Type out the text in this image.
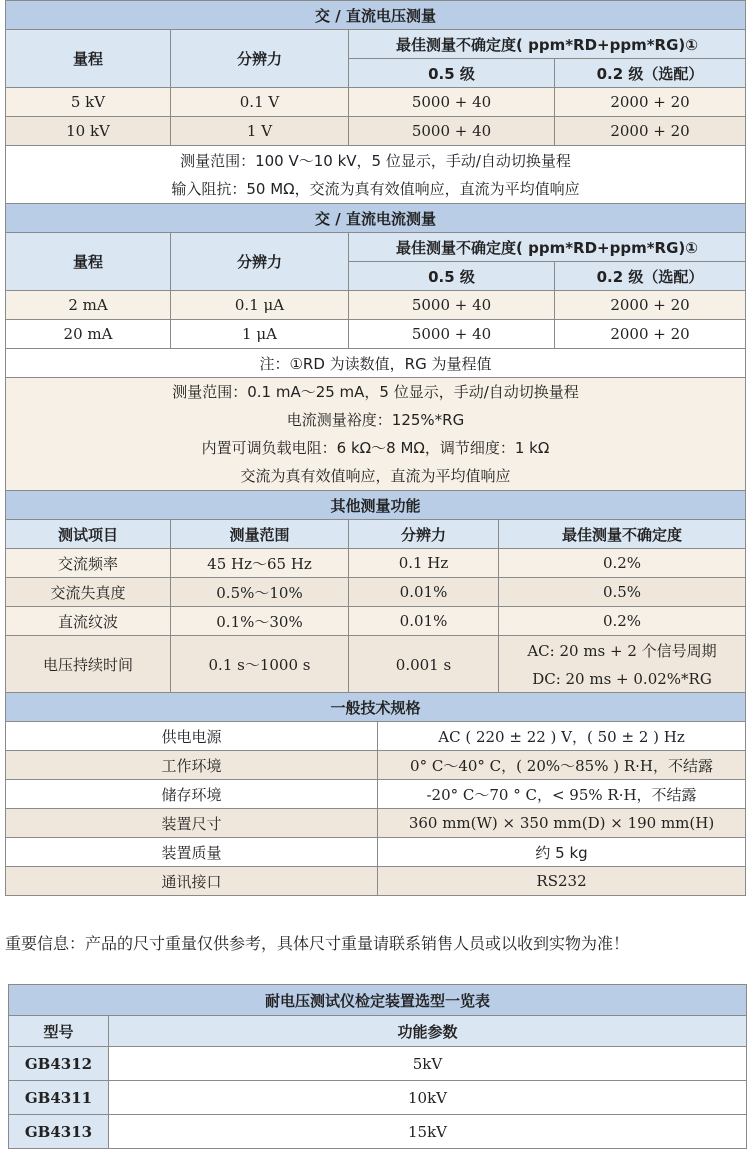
交 / 直流电压测量			
量程	分辨力	最佳测量不确定度( ppm*RD+ppm*RG)①	
		0.5 级	0.2 级（选配）
5 kV	0.1 V	5000 + 40	2000 + 20
10 kV	1 V	5000 + 40	2000 + 20

测量范围：100 V～10 kV，5 位显示，手动/自动切换量程
输入阻抗：50 MΩ，交流为真有效值响应，直流为平均值响应			
交 / 直流电流测量			
量程	分辨力	最佳测量不确定度( ppm*RD+ppm*RG)①	
		0.5 级	0.2 级（选配）
2 mA	0.1 μA	5000 + 40	2000 + 20
20 mA	1 μA	5000 + 40	2000 + 20
注：①RD 为读数值，RG 为量程值			

测量范围：0.1 mA～25 mA，5 位显示，手动/自动切换量程
电流测量裕度：125%*RG
内置可调负载电阻：6 kΩ～8 MΩ，调节细度：1 kΩ
交流为真有效值响应，直流为平均值响应			
其他测量功能			
测试项目	测量范围	分辨力	最佳测量不确定度
交流频率	45 Hz～65 Hz	0.1 Hz	0.2%
交流失真度	0.5%～10%	0.01%	0.5%
直流纹波	0.1%～30%	0.01%	0.2%
电压持续时间	0.1 s～1000 s	0.001 s	AC: 20 ms + 2 个信号周期
DC: 20 ms + 0.02%*RG
一般技术规格	
供电电源	AC ( 220 ± 22 ) V，( 50 ± 2 ) Hz
工作环境	0° C～40° C，( 20%～85% ) R·H，不结露
储存环境	-20° C～70 ° C，< 95% R·H，不结露
装置尺寸	360 mm(W) × 350 mm(D) × 190 mm(H)
装置质量	约 5 kg
通讯接口	RS232
重要信息：产品的尺寸重量仅供参考，具体尺寸重量请联系销售人员或以收到实物为准！
耐电压测试仪检定装置选型一览表	
型号	功能参数
GB4312	5kV
GB4311	10kV
GB4313	15kV
